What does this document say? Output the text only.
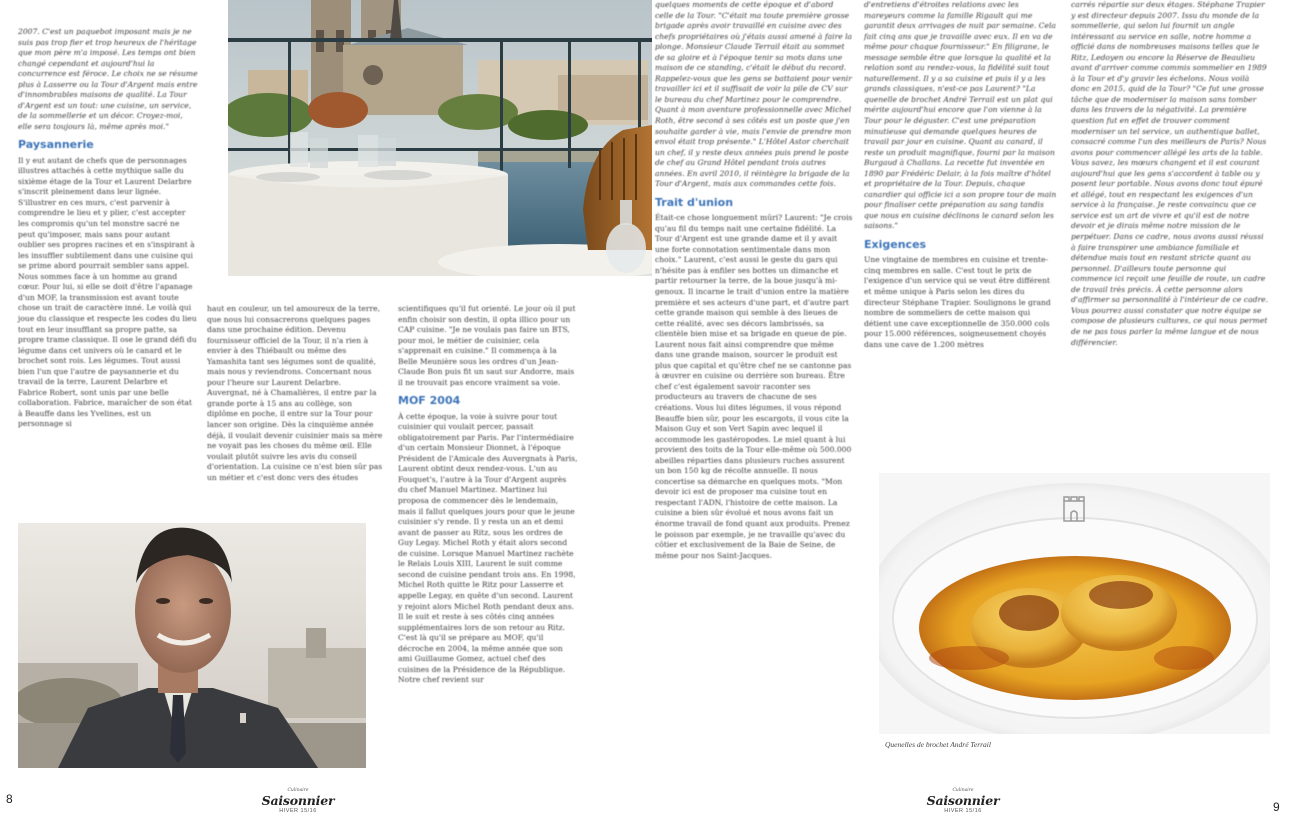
2007. C'est un paquebot imposant mais je ne suis pas trop fier et trop heureux de l'héritage que mon père m'a imposé. Les temps ont bien changé cependant et aujourd'hui la concurrence est féroce. Le choix ne se résume plus à Lasserre ou la Tour d'Argent mais entre d'innombrables maisons de qualité. La Tour d'Argent est un tout: une cuisine, un service, de la sommellerie et un décor. Croyez-moi, elle sera toujours là, même après moi."

Paysannerie

Il y eut autant de chefs que de personnages illustres attachés à cette mythique salle du sixième étage de la Tour et Laurent Delarbre s'inscrit pleinement dans leur lignée. S'illustrer en ces murs, c'est parvenir à comprendre le lieu et y plier, c'est accepter les compromis qu'un tel monstre sacré ne peut qu'imposer, mais sans pour autant oublier ses propres racines et en s'inspirant à les insuffler subtilement dans une cuisine qui se prime abord pourrait sembler sans appel. Nous sommes face à un homme au grand cœur. Pour lui, si elle se doit d'être l'apanage d'un MOF, la transmission est avant toute chose un trait de caractère inné. Le voilà qui joue du classique et respecte les codes du lieu tout en leur insufflant sa propre patte, sa propre trame classique. Il ose le grand défi du légume dans cet univers où le canard et le brochet sont rois. Les légumes. Tout aussi bien l'un que l'autre de paysannerie et du travail de la terre, Laurent Delarbre et Fabrice Robert, sont unis par une belle collaboration. Fabrice, maraîcher de son état à Beauffe dans les Yvelines, est un personnage si

haut en couleur, un tel amoureux de la terre, que nous lui consacrerons quelques pages dans une prochaine édition. Devenu fournisseur officiel de la Tour, il n'a rien à envier à des Thiébault ou même des Yamashita tant ses légumes sont de qualité, mais nous y reviendrons. Concernant nous pour l'heure sur Laurent Delarbre. Auvergnat, né à Chamalières, il entre par la grande porte à 15 ans au collège, son diplôme en poche, il entre sur la Tour pour lancer son origine. Dès la cinquième année déjà, il voulait devenir cuisinier mais sa mère ne voyait pas les choses du même œil. Elle voulait plutôt suivre les avis du conseil d'orientation. La cuisine ce n'est bien sûr pas un métier et c'est donc vers des études

scientifiques qu'il fut orienté. Le jour où il put enfin choisir son destin, il opta illico pour un CAP cuisine. "Je ne voulais pas faire un BTS, pour moi, le métier de cuisinier, cela s'apprenait en cuisine." Il commença à la Belle Meunière sous les ordres d'un Jean-Claude Bon puis fit un saut sur Andorre, mais il ne trouvait pas encore vraiment sa voie.

MOF 2004

À cette époque, la voie à suivre pour tout cuisinier qui voulait percer, passait obligatoirement par Paris. Par l'intermédiaire d'un certain Monsieur Dionnet, à l'époque Président de l'Amicale des Auvergnats à Paris, Laurent obtint deux rendez-vous. L'un au Fouquet's, l'autre à la Tour d'Argent auprès du chef Manuel Martinez. Martinez lui proposa de commencer dès le lendemain, mais il fallut quelques jours pour que le jeune cuisinier s'y rende. Il y resta un an et demi avant de passer au Ritz, sous les ordres de Guy Legay. Michel Roth y était alors second de cuisine. Lorsque Manuel Martinez rachète le Relais Louis XIII, Laurent le suit comme second de cuisine pendant trois ans. En 1998, Michel Roth quitte le Ritz pour Lasserre et appelle Legay, en quête d'un second. Laurent y rejoint alors Michel Roth pendant deux ans. Il le suit et reste à ses côtés cinq années supplémentaires lors de son retour au Ritz. C'est là qu'il se prépare au MOF, qu'il décroche en 2004, la même année que son ami Guillaume Gomez, actuel chef des cuisines de la Présidence de la République. Notre chef revient sur

8
Culinaire
Saisonnier
HIVER 15/16

quelques moments de cette époque et d'abord celle de la Tour. "C'était ma toute première grosse brigade après avoir travaillé en cuisine avec des chefs propriétaires où j'étais aussi amené à faire la plonge. Monsieur Claude Terrail était au sommet de sa gloire et à l'époque tenir sa mots dans une maison de ce standing, c'était le début du record. Rappelez-vous que les gens se battaient pour venir travailler ici et il suffisait de voir la pile de CV sur le bureau du chef Martinez pour le comprendre. Quant à mon aventure professionnelle avec Michel Roth, être second à ses côtés est un poste que j'en souhaite garder à vie, mais l'envie de prendre mon envol était trop présente." L'Hôtel Astor cherchait un chef, il y reste deux années puis prend le poste de chef au Grand Hôtel pendant trois autres années. En avril 2010, il réintègre la brigade de la Tour d'Argent, mais aux commandes cette fois.

Trait d'union

Était-ce chose longuement mûri? Laurent: "Je crois qu'au fil du temps nait une certaine fidélité. La Tour d'Argent est une grande dame et il y avait une forte connotation sentimentale dans mon choix." Laurent, c'est aussi le geste du gars qui n'hésite pas à enfiler ses bottes un dimanche et partir retourner la terre, de la boue jusqu'à mi-genoux. Il incarne le trait d'union entre la matière première et ses acteurs d'une part, et d'autre part cette grande maison qui semble à des lieues de cette réalité, avec ses décors lambrissés, sa clientèle bien mise et sa brigade en queue de pie. Laurent nous fait ainsi comprendre que même dans une grande maison, sourcer le produit est plus que capital et qu'être chef ne se cantonne pas à œuvrer en cuisine ou derrière son bureau. Être chef c'est également savoir raconter ses producteurs au travers de chacune de ses créations. Vous lui dites légumes, il vous répond Beauffe bien sûr, pour les escargots, il vous cite la Maison Guy et son Vert Sapin avec lequel il accommode les gastéropodes. Le miel quant à lui provient des toits de la Tour elle-même où 500.000 abeilles réparties dans plusieurs ruches assurent un bon 150 kg de récolte annuelle. Il nous concertise sa démarche en quelques mots. "Mon devoir ici est de proposer ma cuisine tout en respectant l'ADN, l'histoire de cette maison. La cuisine a bien sûr évolué et nous avons fait un énorme travail de fond quant aux produits. Prenez le poisson par exemple, je ne travaille qu'avec du côtier et exclusivement de la Baie de Seine, de même pour nos Saint-Jacques.

d'entretiens d'étroites relations avec les mareyeurs comme la famille Rigault qui me garantit deux arrivages de nuit par semaine. Cela fait cinq ans que je travaille avec eux. Il en va de même pour chaque fournisseur." En filigrane, le message semble être que lorsque la qualité et la relation sont au rendez-vous, la fidélité suit tout naturellement. Il y a sa cuisine et puis il y a les grands classiques, n'est-ce pas Laurent? "La quenelle de brochet André Terrail est un plat qui mérite aujourd'hui encore que l'on vienne à la Tour pour le déguster. C'est une préparation minutieuse qui demande quelques heures de travail par jour en cuisine. Quant au canard, il reste un produit magnifique, fourni par la maison Burgaud à Challans. La recette fut inventée en 1890 par Frédéric Delair, à la fois maître d'hôtel et propriétaire de la Tour. Depuis, chaque canardier qui officie ici a son propre tour de main pour finaliser cette préparation au sang tandis que nous en cuisine déclinons le canard selon les saisons."

Exigences

Une vingtaine de membres en cuisine et trente-cinq membres en salle. C'est tout le prix de l'exigence d'un service qui se veut être différent et même unique à Paris selon les dires du directeur Stéphane Trapier. Soulignons le grand nombre de sommeliers de cette maison qui détient une cave exceptionnelle de 350.000 cols pour 15.000 références, soigneusement choyés dans une cave de 1.200 mètres

carrés répartie sur deux étages. Stéphane Trapier y est directeur depuis 2007. Issu du monde de la sommellerie, qui selon lui fournit un angle intéressant au service en salle, notre homme a officié dans de nombreuses maisons telles que le Ritz, Ledoyen ou encore la Réserve de Beaulieu avant d'arriver comme commis sommelier en 1989 à la Tour et d'y gravir les échelons. Nous voilà donc en 2015, quid de la Tour? "Ce fut une grosse tâche que de moderniser la maison sans tomber dans les travers de la négativité. La première question fut en effet de trouver comment moderniser un tel service, un authentique ballet, consacré comme l'un des meilleurs de Paris? Nous avons pour commencer allégé les arts de la table. Vous savez, les mœurs changent et il est courant aujourd'hui que les gens s'accordent à table ou y posent leur portable. Nous avons donc tout épuré et allégé, tout en respectant les exigences d'un service à la française. Je reste convaincu que ce service est un art de vivre et qu'il est de notre devoir et je dirais même notre mission de le perpétuer. Dans ce cadre, nous avons aussi réussi à faire transpirer une ambiance familiale et détendue mais tout en restant stricte quant au personnel. D'ailleurs toute personne qui commence ici reçoit une feuille de route, un cadre de travail très précis. À cette personne alors d'affirmer sa personnalité à l'intérieur de ce cadre. Vous pourrez aussi constater que notre équipe se compose de plusieurs cultures, ce qui nous permet de ne pas tous parler la même langue et de nous différencier.

Quenelles de brochet André Terrail
Culinaire
Saisonnier
HIVER 15/16	9
